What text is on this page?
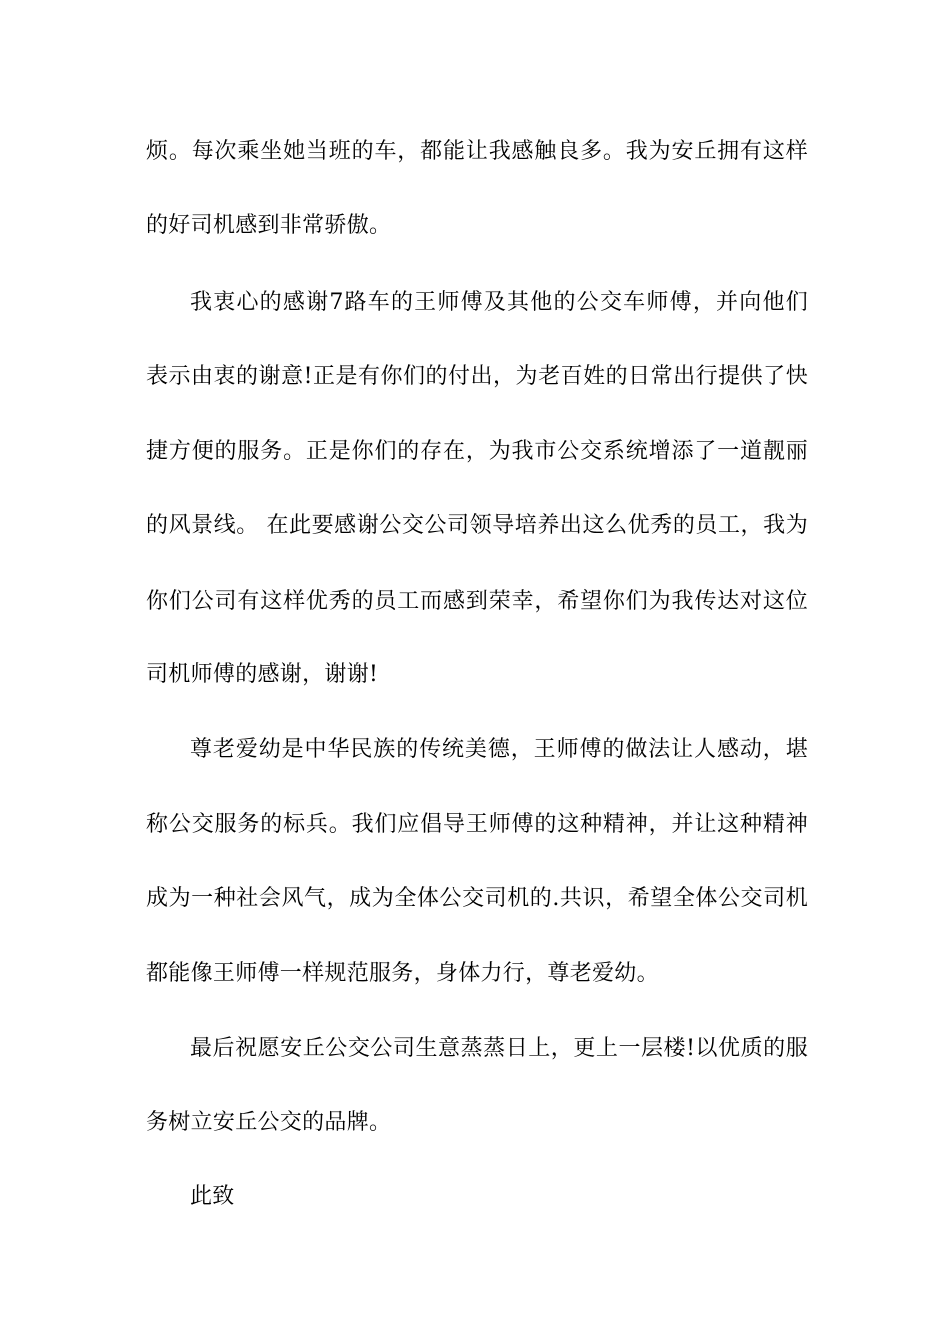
烦。每次乘坐她当班的车，都能让我感触良多。我为安丘拥有这样
的好司机感到非常骄傲。
我衷心的感谢7路车的王师傅及其他的公交车师傅，并向他们
表示由衷的谢意!正是有你们的付出，为老百姓的日常出行提供了快
捷方便的服务。正是你们的存在，为我市公交系统增添了一道靓丽
的风景线。 在此要感谢公交公司领导培养出这么优秀的员工，我为
你们公司有这样优秀的员工而感到荣幸，希望你们为我传达对这位
司机师傅的感谢，谢谢!
尊老爱幼是中华民族的传统美德，王师傅的做法让人感动，堪
称公交服务的标兵。我们应倡导王师傅的这种精神，并让这种精神
成为一种社会风气，成为全体公交司机的.共识，希望全体公交司机
都能像王师傅一样规范服务，身体力行，尊老爱幼。
最后祝愿安丘公交公司生意蒸蒸日上，更上一层楼!以优质的服
务树立安丘公交的品牌。
此致
